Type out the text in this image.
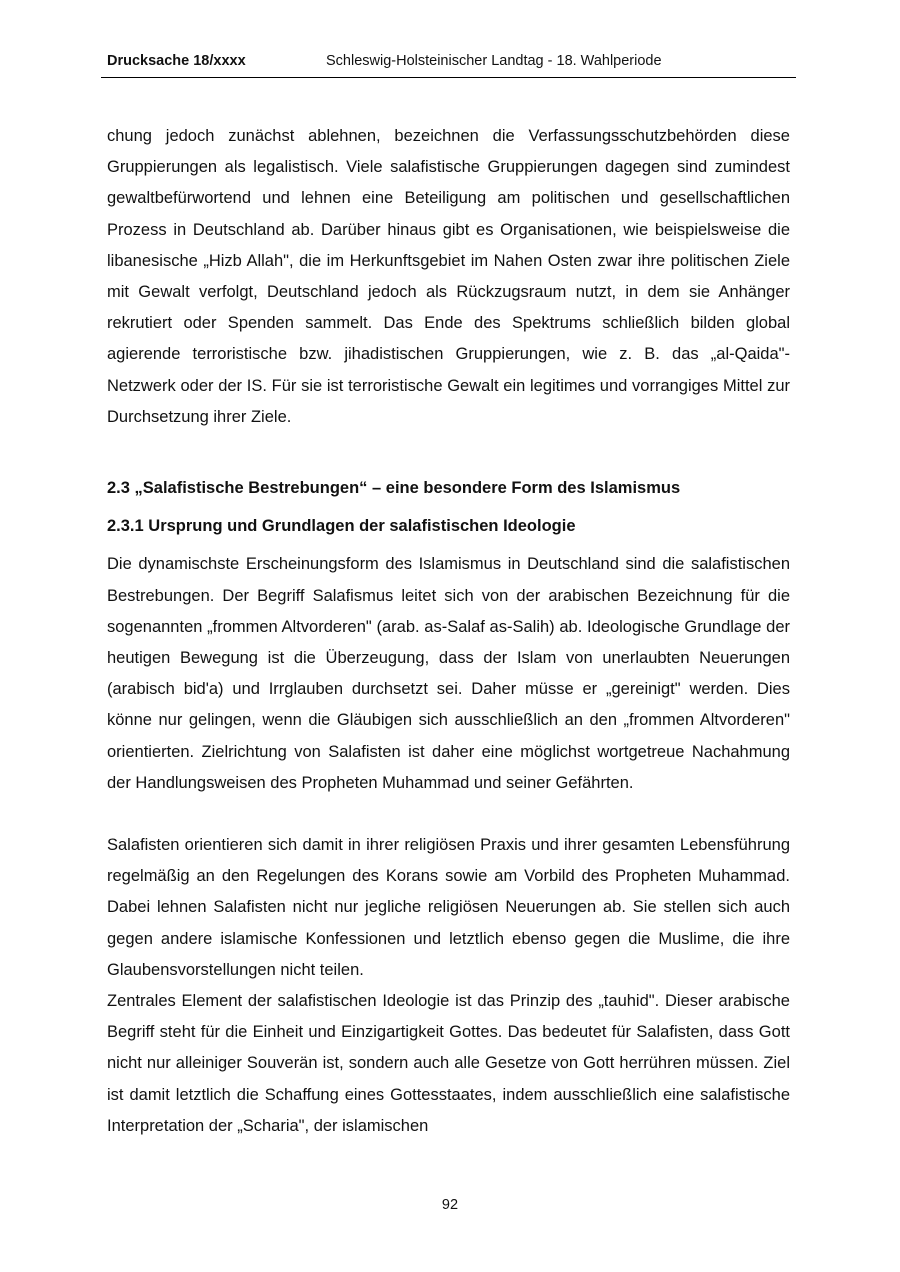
Drucksache 18/xxxx	Schleswig-Holsteinischer Landtag - 18. Wahlperiode

chung jedoch zunächst ablehnen, bezeichnen die Verfassungsschutzbehörden diese Gruppierungen als legalistisch. Viele salafistische Gruppierungen dagegen sind zumindest gewaltbefürwortend und lehnen eine Beteiligung am politischen und gesellschaftlichen Prozess in Deutschland ab. Darüber hinaus gibt es Organisationen, wie beispielsweise die libanesische „Hizb Allah", die im Herkunftsgebiet im Nahen Osten zwar ihre politischen Ziele mit Gewalt verfolgt, Deutschland jedoch als Rückzugsraum nutzt, in dem sie Anhänger rekrutiert oder Spenden sammelt. Das Ende des Spektrums schließlich bilden global agierende terroristische bzw. jihadistischen Gruppierungen, wie z. B. das „al-Qaida"-Netzwerk oder der IS. Für sie ist terroristische Gewalt ein legitimes und vorrangiges Mittel zur Durchsetzung ihrer Ziele.

2.3 „Salafistische Bestrebungen“ – eine besondere Form des Islamismus
2.3.1 Ursprung und Grundlagen der salafistischen Ideologie

Die dynamischste Erscheinungsform des Islamismus in Deutschland sind die salafistischen Bestrebungen. Der Begriff Salafismus leitet sich von der arabischen Bezeichnung für die sogenannten „frommen Altvorderen" (arab. as-Salaf as-Salih) ab. Ideologische Grundlage der heutigen Bewegung ist die Überzeugung, dass der Islam von unerlaubten Neuerungen (arabisch bid'a) und Irrglauben durchsetzt sei. Daher müsse er „gereinigt" werden. Dies könne nur gelingen, wenn die Gläubigen sich ausschließlich an den „frommen Altvorderen" orientierten. Zielrichtung von Salafisten ist daher eine möglichst wortgetreue Nachahmung der Handlungsweisen des Propheten Muhammad und seiner Gefährten.

Salafisten orientieren sich damit in ihrer religiösen Praxis und ihrer gesamten Lebensführung regelmäßig an den Regelungen des Korans sowie am Vorbild des Propheten Muhammad. Dabei lehnen Salafisten nicht nur jegliche religiösen Neuerungen ab. Sie stellen sich auch gegen andere islamische Konfessionen und letztlich ebenso gegen die Muslime, die ihre Glaubensvorstellungen nicht teilen.

Zentrales Element der salafistischen Ideologie ist das Prinzip des „tauhid". Dieser arabische Begriff steht für die Einheit und Einzigartigkeit Gottes. Das bedeutet für Salafisten, dass Gott nicht nur alleiniger Souverän ist, sondern auch alle Gesetze von Gott herrühren müssen. Ziel ist damit letztlich die Schaffung eines Gottesstaates, indem ausschließlich eine salafistische Interpretation der „Scharia", der islamischen

92
